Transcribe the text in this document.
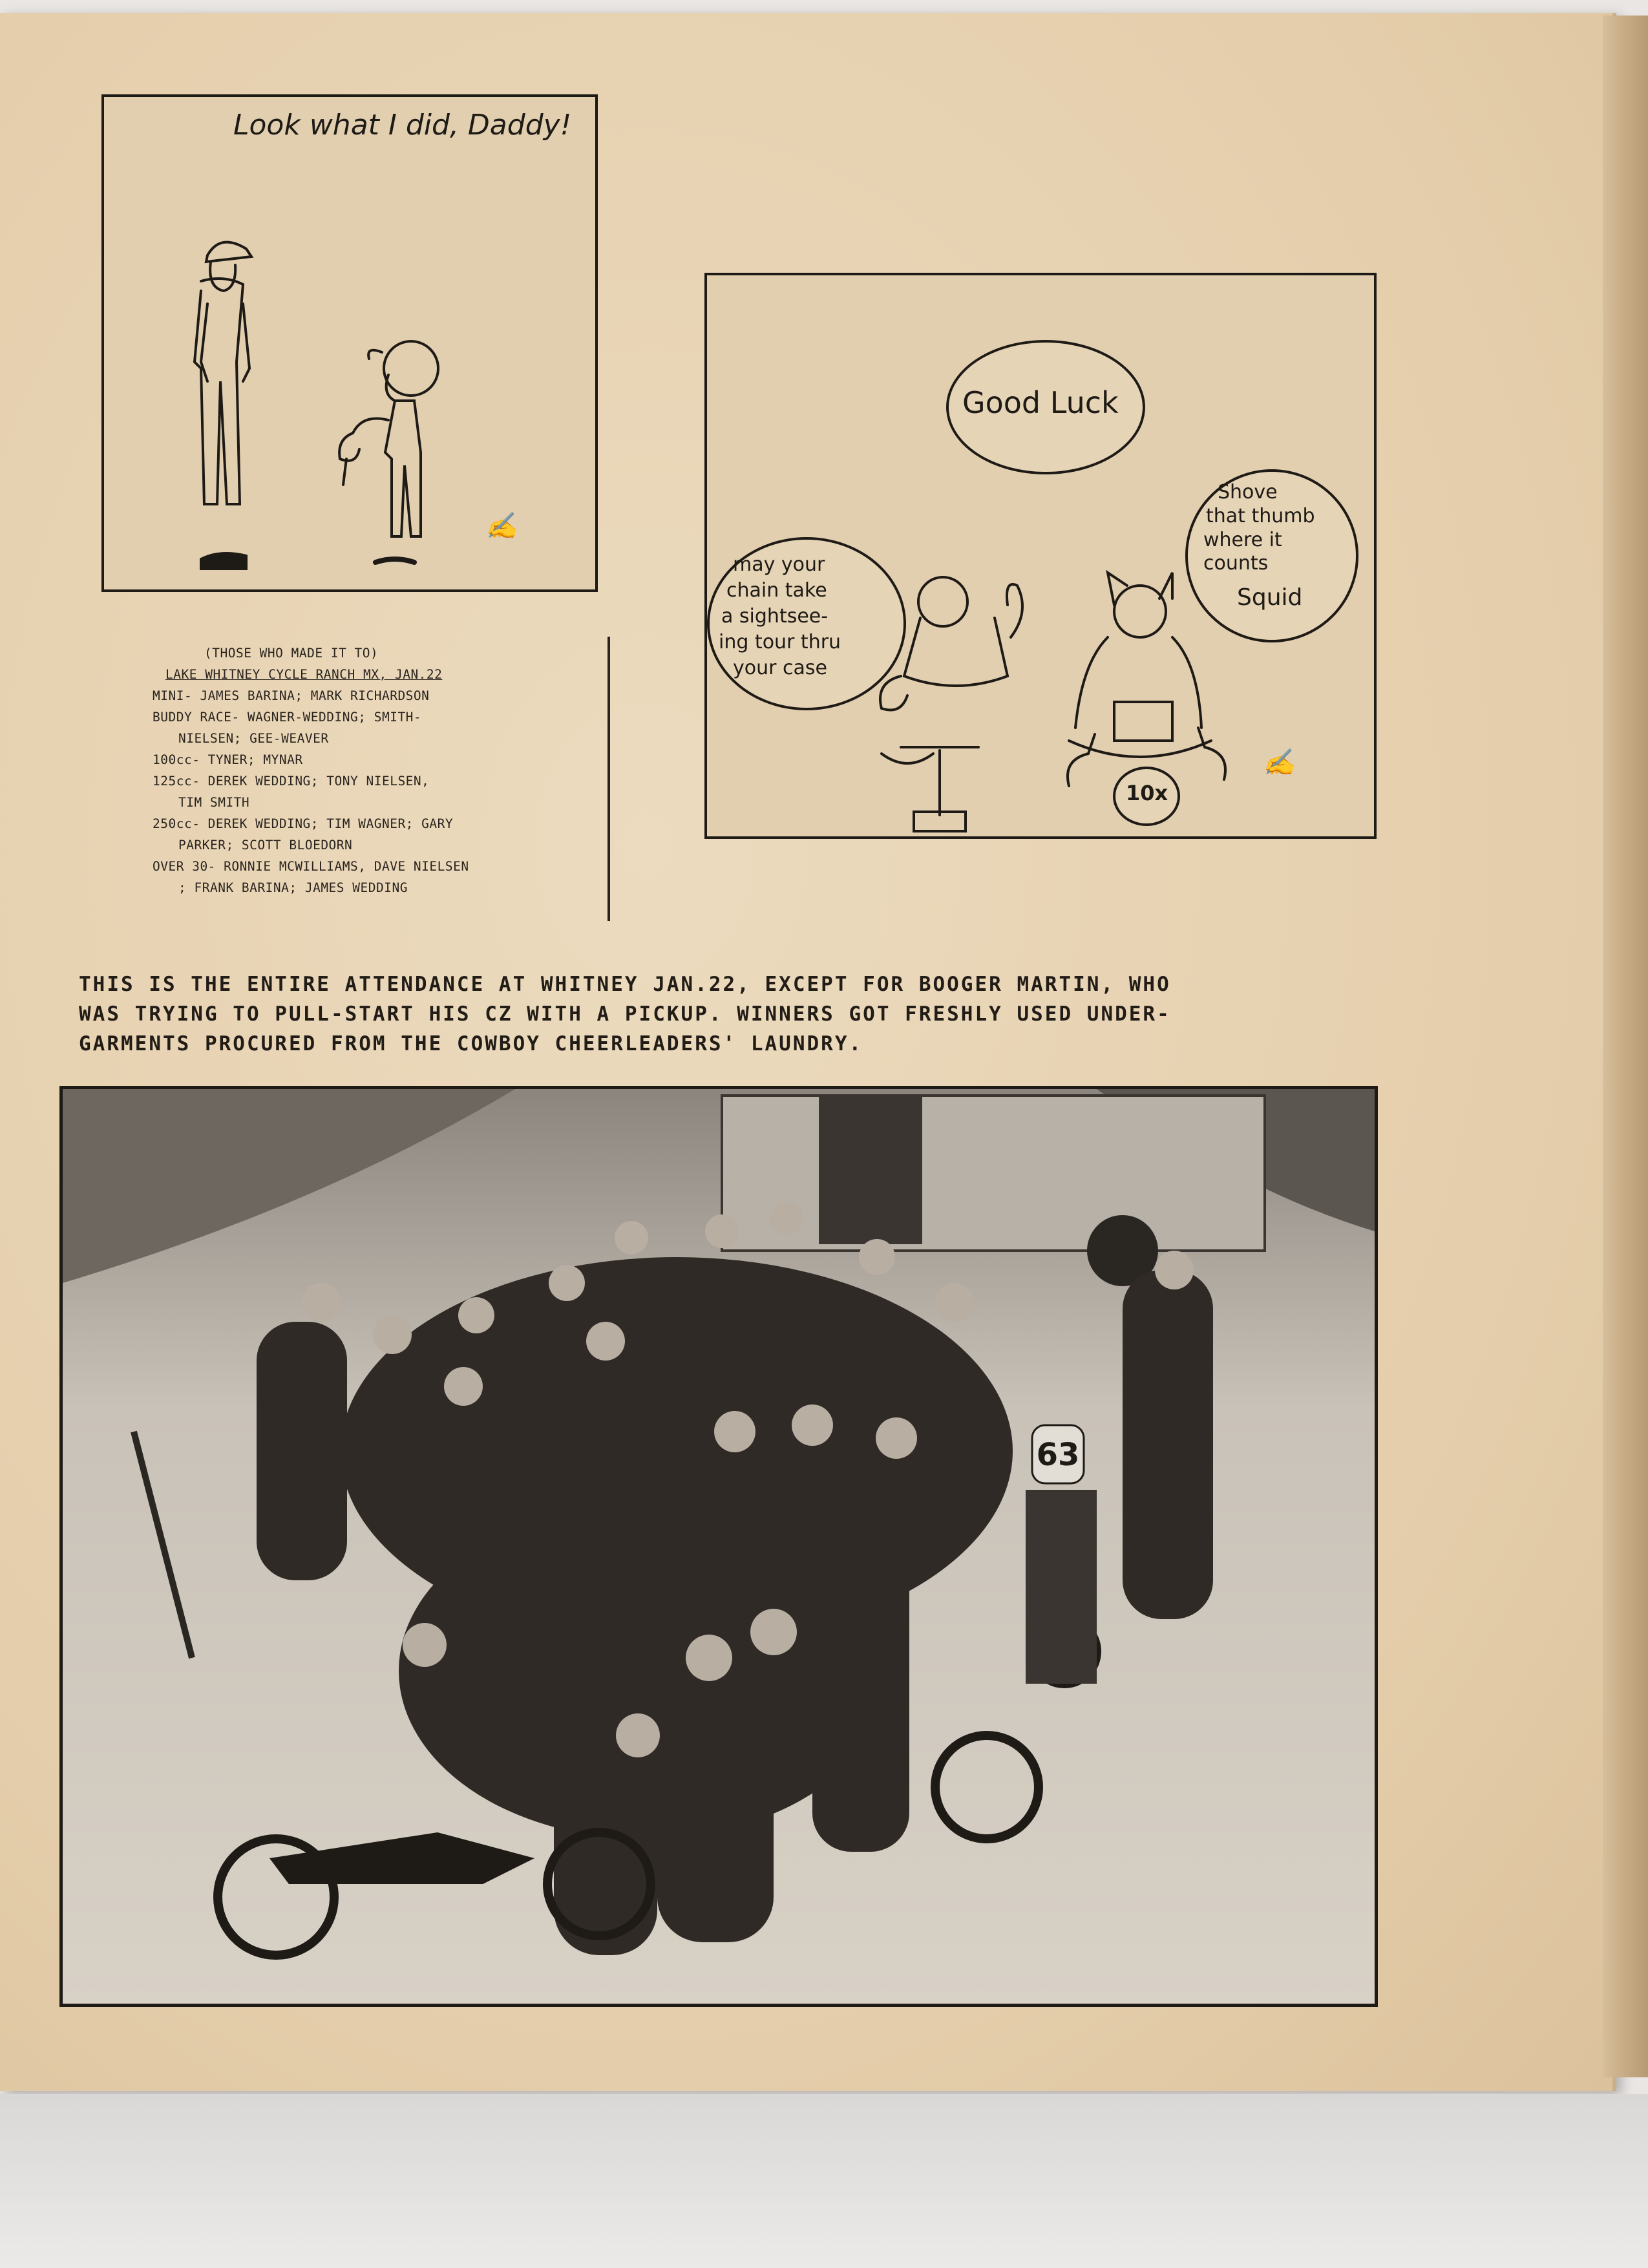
Look what I did, Daddy!
✍
Good Luck
may your
chain take
a sightsee-
ing tour thru
your case
Shove
that thumb
where it
counts
Squid
10x
✍
(THOSE WHO MADE IT TO)
LAKE WHITNEY CYCLE RANCH MX, JAN.22
MINI- JAMES BARINA; MARK RICHARDSON
BUDDY RACE- WAGNER-WEDDING; SMITH-
NIELSEN; GEE-WEAVER
100cc- TYNER; MYNAR
125cc- DEREK WEDDING; TONY NIELSEN,
TIM SMITH
250cc- DEREK WEDDING; TIM WAGNER; GARY
PARKER; SCOTT BLOEDORN
OVER 30- RONNIE MCWILLIAMS, DAVE NIELSEN
; FRANK BARINA; JAMES WEDDING
THIS IS THE ENTIRE ATTENDANCE AT WHITNEY JAN.22, EXCEPT FOR BOOGER MARTIN, WHO
WAS TRYING TO PULL-START HIS CZ WITH A PICKUP. WINNERS GOT FRESHLY USED UNDER-
GARMENTS PROCURED FROM THE COWBOY CHEERLEADERS' LAUNDRY.
63
